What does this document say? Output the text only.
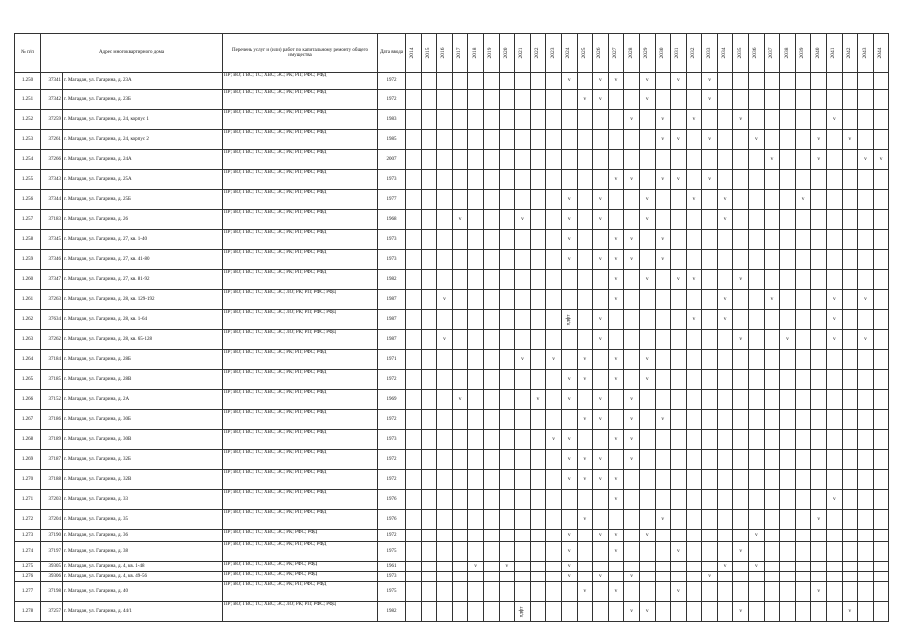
№ п/п	Адрес многоквартирного дома		Перечень услуг и (или) работ по капитальному ремонту общего имущества	Дата ввода	2014	2015	2016	2017	2018	2019	2020	2021	2022	2023	2024	2025	2026	2027	2028	2029	2030	2031	2032	2033	2034	2035	2036	2037	2038	2039	2040	2041	2042	2043	2044

1.250	37341	г. Магадан, ул. Гагарина, д. 23А	ПР; ВО; ГВС; ТС; ХВС; ЭС; РК; РП; РФС; РФД	1972											v		v	v		v		v		v											
1.251	37342	г. Магадан, ул. Гагарина, д. 23Б	ПР; ВО; ГВС; ТС; ХВС; ЭС; РК; РП; РФС; РФД	1972												v	v			v				v											
1.252	37259	г. Магадан, ул. Гагарина, д. 24, корпус 1	ПР; ВО; ГВС; ТС; ХВС; ЭС; РК; РП; РФС; РФД	1983															v		v		v			v						v			
1.253	37261	г. Магадан, ул. Гагарина, д. 24, корпус 2	ПР; ВО; ГВС; ТС; ХВС; ЭС; РК; РП; РФС; РФД	1985																	v	v		v			v				v		v		
1.254	37266	г. Магадан, ул. Гагарина, д. 24А	ПР; ВО; ГВС; ТС; ХВС; ЭС; РК; РП; РФС; РФД	2007																								v			v			v	v
1.255	37343	г. Магадан, ул. Гагарина, д. 25А	ПР; ВО; ГВС; ТС; ХВС; ЭС; РК; РП; РФС; РФД	1973														v	v		v	v		v											
1.256	37344	г. Магадан, ул. Гагарина, д. 25Б	ПР; ВО; ГВС; ТС; ХВС; ЭС; РК; РП; РФС; РФД	1977											v		v			v			v		v					v					
1.257	37183	г. Магадан, ул. Гагарина, д. 26	ПР; ВО; ГВС; ТС; ХВС; ЭС; РК; РП; РФС; РФД	1968				v				v			v		v			v					v										
1.258	37345	г. Магадан, ул. Гагарина, д. 27, кв. 1-40	ПР; ВО; ГВС; ТС; ХВС; ЭС; РК; РП; РФС; РФД	1973											v			v	v		v														
1.259	37346	г. Магадан, ул. Гагарина, д. 27, кв. 41-80	ПР; ВО; ГВС; ТС; ХВС; ЭС; РК; РП; РФС; РФД	1973											v		v	v	v		v														
1.260	37347	г. Магадан, ул. Гагарина, д. 27, кв. 81-92	ПР; ВО; ГВС; ТС; ХВС; ЭС; РК; РП; РФС; РФД	1982														v		v		v	v			v									
1.261	37263	г. Магадан, ул. Гагарина, д. 28, кв. 129-192	ПР; ВО; ГВС; ТС; ХВС; ЭС; ЛО; РК; РП; РФС; РФД	1987			v											v							v			v				v		v	
1.262	37634	г. Магадан, ул. Гагарина, д. 28, кв. 1-64	ПР; ВО; ГВС; ТС; ХВС; ЭС; ЛО; РК; РП; РФС; РФД	1987											пдфт		v						v		v							v			
1.263	37262	г. Магадан, ул. Гагарина, д. 28, кв. 65-128	ПР; ВО; ГВС; ТС; ХВС; ЭС; ЛО; РК; РП; РФС; РФД	1987			v										v									v			v			v		v	
1.264	37184	г. Магадан, ул. Гагарина, д. 28Б	ПР; ВО; ГВС; ТС; ХВС; ЭС; РК; РП; РФС; РФД	1971								v		v		v		v		v															
1.265	37185	г. Магадан, ул. Гагарина, д. 28В	ПР; ВО; ГВС; ТС; ХВС; ЭС; РК; РП; РФС; РФД	1972											v	v		v		v															
1.266	37152	г. Магадан, ул. Гагарина, д. 2А	ПР; ВО; ГВС; ТС; ХВС; ЭС; РК; РП; РФС; РФД	1969				v					v		v		v		v																
1.267	37186	г. Магадан, ул. Гагарина, д. 30Б	ПР; ВО; ГВС; ТС; ХВС; ЭС; РК; РП; РФС; РФД	1972												v	v		v		v														
1.268	37189	г. Магадан, ул. Гагарина, д. 30В	ПР; ВО; ГВС; ТС; ХВС; ЭС; РК; РП; РФС; РФД	1973										v	v			v	v																
1.269	37187	г. Магадан, ул. Гагарина, д. 32Б	ПР; ВО; ГВС; ТС; ХВС; ЭС; РК; РП; РФС; РФД	1972											v	v	v		v																
1.270	37188	г. Магадан, ул. Гагарина, д. 32В	ПР; ВО; ГВС; ТС; ХВС; ЭС; РК; РП; РФС; РФД	1972											v	v	v	v																	
1.271	37203	г. Магадан, ул. Гагарина, д. 33	ПР; ВО; ГВС; ТС; ХВС; ЭС; РК; РП; РФС; РФД	1976														v														v			
1.272	37204	г. Магадан, ул. Гагарина, д. 35	ПР; ВО; ГВС; ТС; ХВС; ЭС; РК; РП; РФС; РФД	1976												v					v										v				
1.273	37190	г. Магадан, ул. Гагарина, д. 36	ПР; ВО; ГВС; ТС; ХВС; ЭС; РК; РФС; РФД	1972											v		v	v		v							v								
1.274	37197	г. Магадан, ул. Гагарина, д. 38	ПР; ВО; ГВС; ТС; ХВС; ЭС; РК; РП; РФС; РФД	1975											v			v				v				v									
1.275	39305	г. Магадан, ул. Гагарина, д. 4, кв. 1-48	ПР; ВО; ГВС; ТС; ХВС; ЭС; РК; РФС; РФД	1961					v		v				v										v		v								
1.276	39306	г. Магадан, ул. Гагарина, д. 4, кв. 49-56	ПР; ВО; ГВС; ТС; ХВС; ЭС; РК; РФС; РФД	1973											v		v		v					v											
1.277	37198	г. Магадан, ул. Гагарина, д. 40	ПР; ВО; ГВС; ТС; ХВС; ЭС; РК; РП; РФС; РФД	1975												v		v				v									v				
1.278	37257	г. Магадан, ул. Гагарина, д. 44/1	ПР; ВО; ГВС; ТС; ХВС; ЭС; ЛО; РК; РП; РФС; РФД	1982								пдфт							v	v						v							v		
